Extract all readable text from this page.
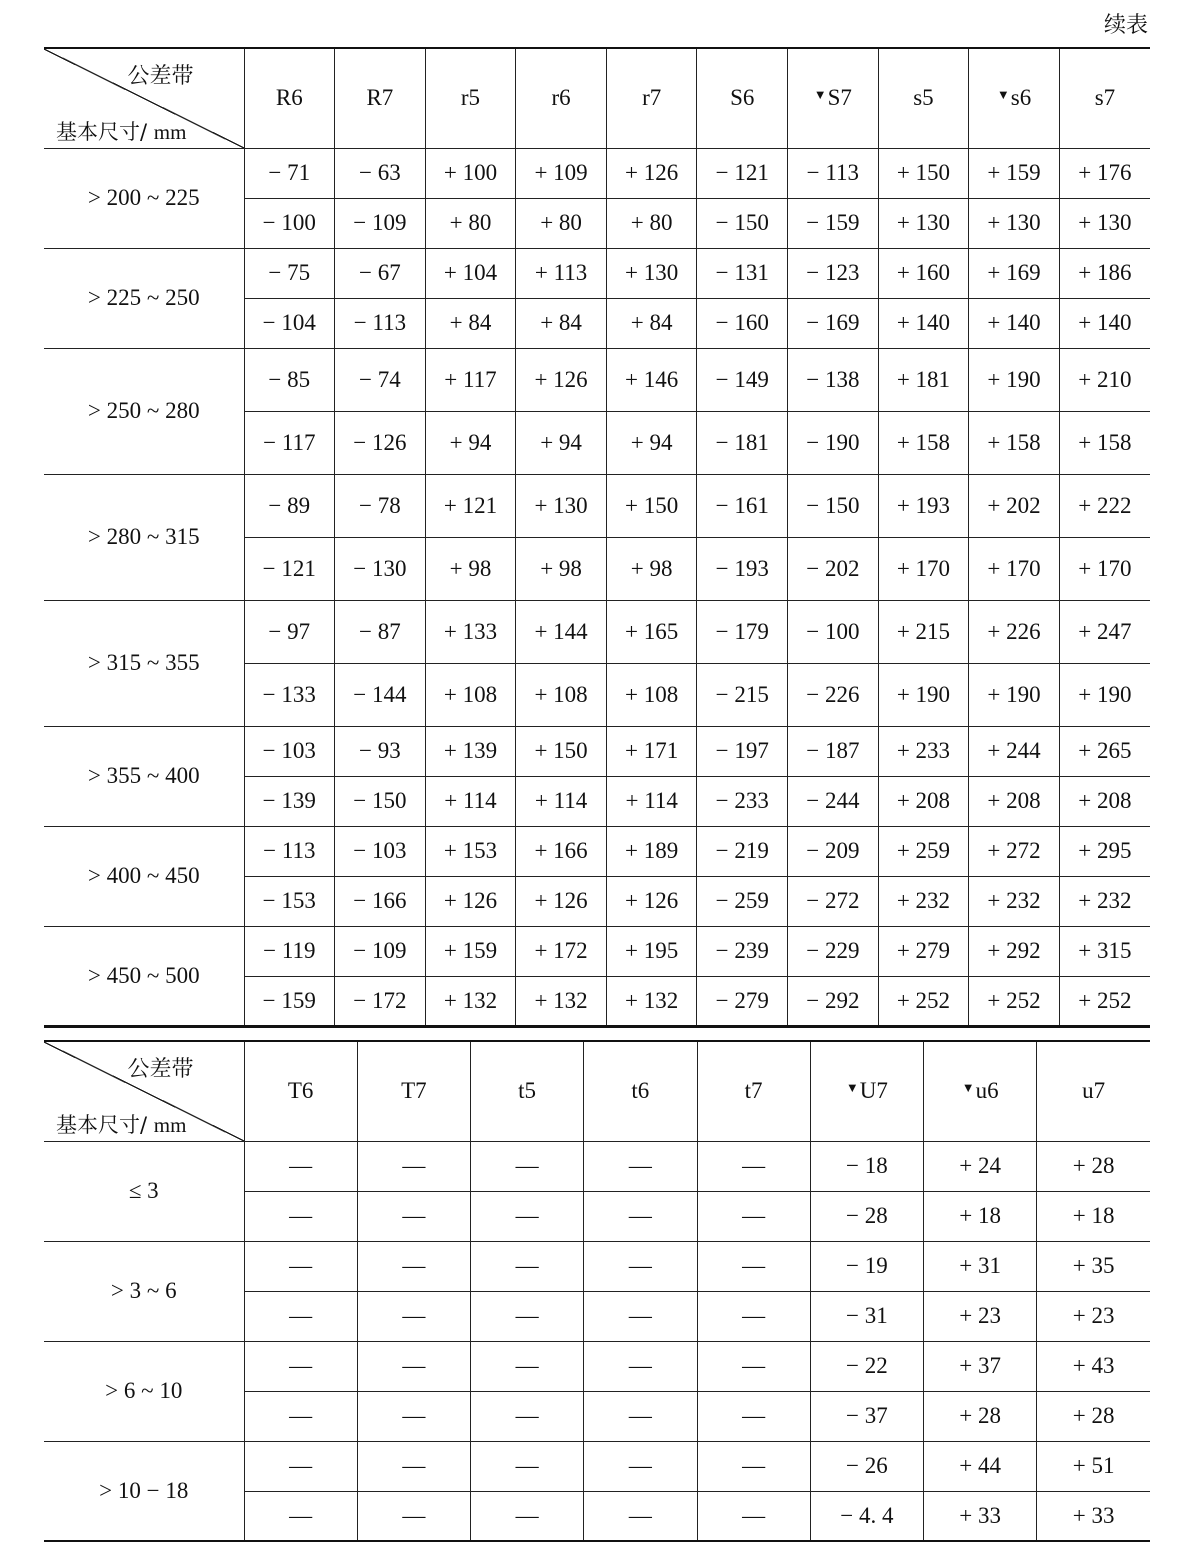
续表
公差带
基本尺寸/ mm	R6	R7	r5	r6	r7	S6	▼S7	s5	▼s6	s7
> 200 ~ 225	− 71	− 63	+ 100	+ 109	+ 126	− 121	− 113	+ 150	+ 159	+ 176
	− 100	− 109	+ 80	+ 80	+ 80	− 150	− 159	+ 130	+ 130	+ 130
> 225 ~ 250	− 75	− 67	+ 104	+ 113	+ 130	− 131	− 123	+ 160	+ 169	+ 186
	− 104	− 113	+ 84	+ 84	+ 84	− 160	− 169	+ 140	+ 140	+ 140
> 250 ~ 280	− 85	− 74	+ 117	+ 126	+ 146	− 149	− 138	+ 181	+ 190	+ 210
	− 117	− 126	+ 94	+ 94	+ 94	− 181	− 190	+ 158	+ 158	+ 158
> 280 ~ 315	− 89	− 78	+ 121	+ 130	+ 150	− 161	− 150	+ 193	+ 202	+ 222
	− 121	− 130	+ 98	+ 98	+ 98	− 193	− 202	+ 170	+ 170	+ 170
> 315 ~ 355	− 97	− 87	+ 133	+ 144	+ 165	− 179	− 100	+ 215	+ 226	+ 247
	− 133	− 144	+ 108	+ 108	+ 108	− 215	− 226	+ 190	+ 190	+ 190
> 355 ~ 400	− 103	− 93	+ 139	+ 150	+ 171	− 197	− 187	+ 233	+ 244	+ 265
	− 139	− 150	+ 114	+ 114	+ 114	− 233	− 244	+ 208	+ 208	+ 208
> 400 ~ 450	− 113	− 103	+ 153	+ 166	+ 189	− 219	− 209	+ 259	+ 272	+ 295
	− 153	− 166	+ 126	+ 126	+ 126	− 259	− 272	+ 232	+ 232	+ 232
> 450 ~ 500	− 119	− 109	+ 159	+ 172	+ 195	− 239	− 229	+ 279	+ 292	+ 315
	− 159	− 172	+ 132	+ 132	+ 132	− 279	− 292	+ 252	+ 252	+ 252
公差带
基本尺寸/ mm	T6	T7	t5	t6	t7	▼U7	▼u6	u7
≤ 3	—	—	—	—	—	− 18	+ 24	+ 28
	—	—	—	—	—	− 28	+ 18	+ 18
> 3 ~ 6	—	—	—	—	—	− 19	+ 31	+ 35
	—	—	—	—	—	− 31	+ 23	+ 23
> 6 ~ 10	—	—	—	—	—	− 22	+ 37	+ 43
	—	—	—	—	—	− 37	+ 28	+ 28
> 10 − 18	—	—	—	—	—	− 26	+ 44	+ 51
	—	—	—	—	—	− 4. 4	+ 33	+ 33
